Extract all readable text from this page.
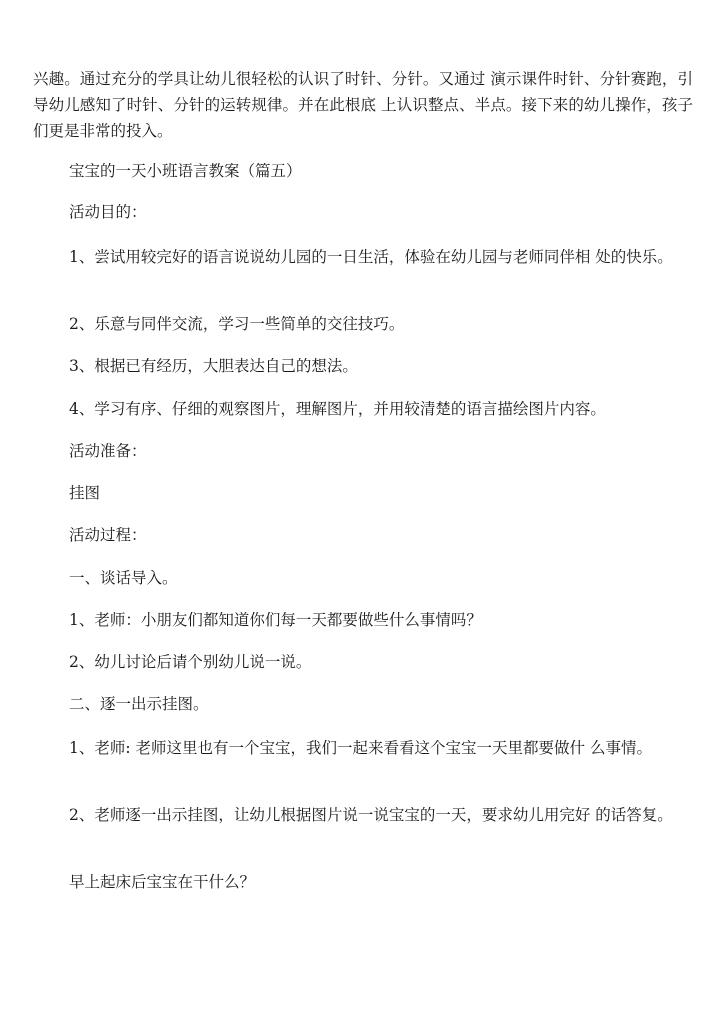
兴趣。通过充分的学具让幼儿很轻松的认识了时针、分针。又通过 演示课件时针、分针赛跑，引导幼儿感知了时针、分针的运转规律。并在此根底 上认识整点、半点。接下来的幼儿操作，孩子们更是非常的投入。

宝宝的一天小班语言教案（篇五）

活动目的：

1、尝试用较完好的语言说说幼儿园的一日生活，体验在幼儿园与老师同伴相 处的快乐。

2、乐意与同伴交流，学习一些简单的交往技巧。

3、根据已有经历，大胆表达自己的想法。

4、学习有序、仔细的观察图片，理解图片，并用较清楚的语言描绘图片内容。

活动准备：

挂图

活动过程：

一、谈话导入。

1、老师：小朋友们都知道你们每一天都要做些什么事情吗？

2、幼儿讨论后请个别幼儿说一说。

二、逐一出示挂图。

1、老师: 老师这里也有一个宝宝，我们一起来看看这个宝宝一天里都要做什 么事情。

2、老师逐一出示挂图，让幼儿根据图片说一说宝宝的一天，要求幼儿用完好 的话答复。

早上起床后宝宝在干什么？
